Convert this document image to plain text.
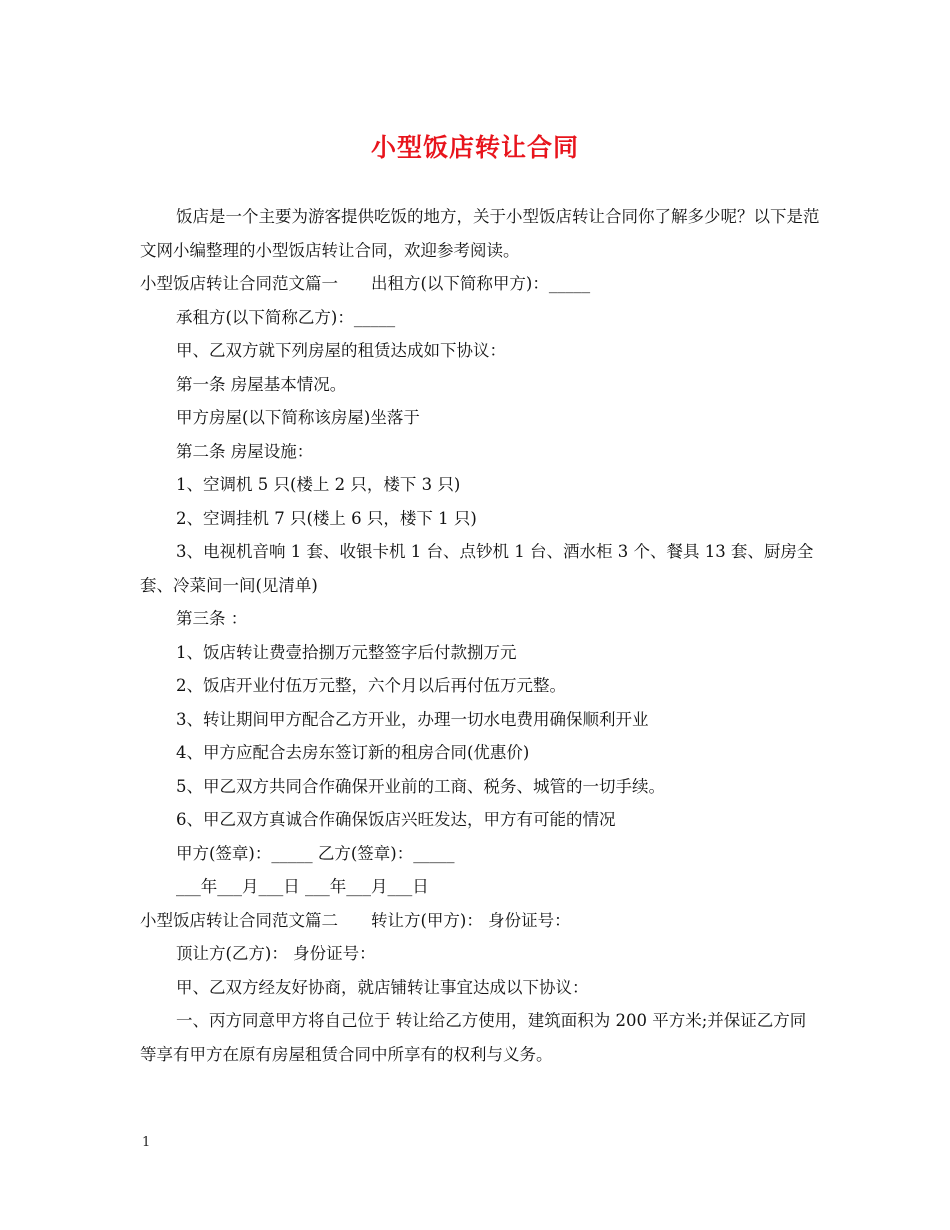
小型饭店转让合同

饭店是一个主要为游客提供吃饭的地方，关于小型饭店转让合同你了解多少呢？以下是范文网小编整理的小型饭店转让合同，欢迎参考阅读。

小型饭店转让合同范文篇一　　出租方(以下简称甲方)：_____

承租方(以下简称乙方)：_____

甲、乙双方就下列房屋的租赁达成如下协议：

第一条 房屋基本情况。

甲方房屋(以下简称该房屋)坐落于

第二条 房屋设施：

1、空调机 5 只(楼上 2 只，楼下 3 只)

2、空调挂机 7 只(楼上 6 只，楼下 1 只)

3、电视机音响 1 套、收银卡机 1 台、点钞机 1 台、酒水柜 3 个、餐具 13 套、厨房全套、冷菜间一间(见清单)

第三条 ：

1、饭店转让费壹拾捌万元整签字后付款捌万元

2、饭店开业付伍万元整，六个月以后再付伍万元整。

3、转让期间甲方配合乙方开业，办理一切水电费用确保顺利开业

4、甲方应配合去房东签订新的租房合同(优惠价)

5、甲乙双方共同合作确保开业前的工商、税务、城管的一切手续。

6、甲乙双方真诚合作确保饭店兴旺发达，甲方有可能的情况

甲方(签章)：_____ 乙方(签章)：_____

___年___月___日 ___年___月___日

小型饭店转让合同范文篇二　　转让方(甲方)： 身份证号：

顶让方(乙方)： 身份证号：

甲、乙双方经友好协商，就店铺转让事宜达成以下协议：

一、丙方同意甲方将自己位于 转让给乙方使用，建筑面积为 200 平方米;并保证乙方同等享有甲方在原有房屋租赁合同中所享有的权利与义务。

1
